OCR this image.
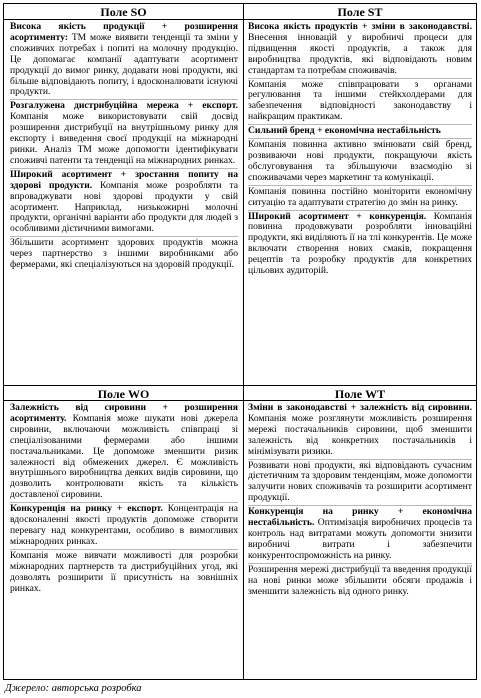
Поле SO	Поле ST
Поле WO	Поле WT

Висока якість продукції + розширення асортименту: ТМ може виявити тенденції та зміни у споживчих потребах і попиті на молочну продукцію. Це допомагає компанії адаптувати асортимент продукції до вимог ринку, додавати нові продукти, які більше відповідають попиту, і вдосконалювати існуючі продукти.

Розгалужена дистрибуційна мережа + експорт. Компанія може використовувати свій досвід розширення дистрибуції на внутрішньому ринку для експорту і виведення своєї продукції на міжнародні ринки. Аналіз ТМ може допомогти ідентифікувати споживчі патенти та тенденції на міжнародних ринках.

Широкий асортимент + зростання попиту на здорові продукти. Компанія може розробляти та впроваджувати нові здорові продукти у свій асортимент. Наприклад, низькожирні молочні продукти, органічні варіанти або продукти для людей з особливими дієтичними вимогами.

Збільшити асортимент здорових продуктів можна через партнерство з іншими виробниками або фермерами, які спеціалізуються на здоровій продукції.

Висока якість продуктів + зміни в законодавстві. Внесення інновацій у виробничі процеси для підвищення якості продуктів, а також для виробництва продуктів, які відповідають новим стандартам та потребам споживачів.

Компанія може співпрацювати з органами регулювання та іншими стейкхолдерами для забезпечення відповідності законодавству і найкращим практикам.

Сильний бренд + економічна нестабільність

Компанія повинна активно змінювати свій бренд, розвиваючи нові продукти, покращуючи якість обслуговування та збільшуючи взаємодію зі споживачами через маркетинг та комунікації.

Компанія повинна постійно моніторити економічну ситуацію та адаптувати стратегію до змін на ринку.

Широкий асортимент + конкуренція. Компанія повинна продовжувати розробляти інноваційні продукти, які виділяють її на тлі конкурентів. Це може включати створення нових смаків, покращення рецептів та розробку продуктів для конкретних цільових аудиторій.

Залежність від сировини + розширення асортименту. Компанія може шукати нові джерела сировини, включаючи можливість співпраці зі спеціалізованими фермерами або іншими постачальниками. Це допоможе зменшити ризик залежності від обмежених джерел. Є можливість внутрішнього виробництва деяких видів сировини, що дозволить контролювати якість та кількість доставленої сировини.

Конкуренція на ринку + експорт. Концентрація на вдосконаленні якості продуктів допоможе створити перевагу над конкурентами, особливо в вимогливих міжнародних ринках.

Компанія може вивчати можливості для розробки міжнародних партнерств та дистрибуційних угод, які дозволять розширити її присутність на зовнішніх ринках.

Зміни в законодавстві + залежність від сировини. Компанія може розглянути можливість розширення мережі постачальників сировини, щоб зменшити залежність від конкретних постачальників і мінімізувати ризики.

Розвивати нові продукти, які відповідають сучасним дієтетичним та здоровим тенденціям, може допомогти залучити нових споживачів та розширити асортимент продукції.

Конкуренція на ринку + економічна нестабільність. Оптимізація виробничих процесів та контроль над витратами можуть допомогти знизити виробничі витрати і забезпечити конкурентоспроможність на ринку.

Розширення мережі дистрибуції та введення продукції на нові ринки може збільшити обсяги продажів і зменшити залежність від одного ринку.

Джерело: авторська розробка
